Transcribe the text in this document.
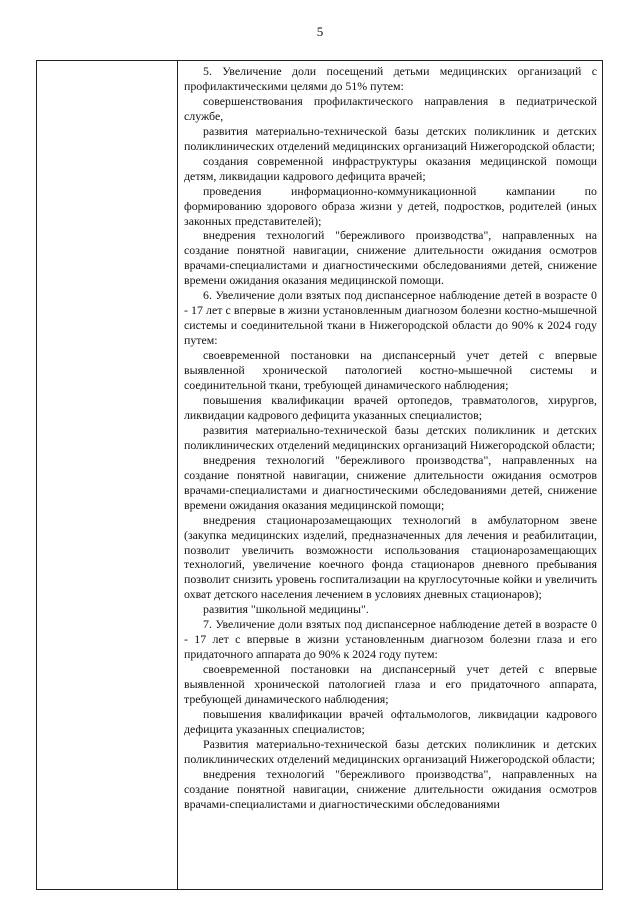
5

5. Увеличение доли посещений детьми медицинских организаций с профилактическими целями до 51% путем:

совершенствования профилактического направления в педиатрической службе,

развития материально-технической базы детских поликлиник и детских поликлинических отделений медицинских организаций Нижегородской области;

создания современной инфраструктуры оказания медицинской помощи детям, ликвидации кадрового дефицита врачей;

проведения информационно-коммуникационной кампании по формированию здорового образа жизни у детей, подростков, родителей (иных законных представителей);

внедрения технологий "бережливого производства", направленных на создание понятной навигации, снижение длительности ожидания осмотров врачами-специалистами и диагностическими обследованиями детей, снижение времени ожидания оказания медицинской помощи.

6. Увеличение доли взятых под диспансерное наблюдение детей в возрасте 0 - 17 лет с впервые в жизни установленным диагнозом болезни костно-мышечной системы и соединительной ткани в Нижегородской области до 90% к 2024 году путем:

своевременной постановки на диспансерный учет детей с впервые выявленной хронической патологией костно-мышечной системы и соединительной ткани, требующей динамического наблюдения;

повышения квалификации врачей ортопедов, травматологов, хирургов, ликвидации кадрового дефицита указанных специалистов;

развития материально-технической базы детских поликлиник и детских поликлинических отделений медицинских организаций Нижегородской области;

внедрения технологий "бережливого производства", направленных на создание понятной навигации, снижение длительности ожидания осмотров врачами-специалистами и диагностическими обследованиями детей, снижение времени ожидания оказания медицинской помощи;

внедрения стационарозамещающих технологий в амбулаторном звене (закупка медицинских изделий, предназначенных для лечения и реабилитации, позволит увеличить возможности использования стационарозамещающих технологий, увеличение коечного фонда стационаров дневного пребывания позволит снизить уровень госпитализации на круглосуточные койки и увеличить охват детского населения лечением в условиях дневных стационаров);

развития "школьной медицины".

7. Увеличение доли взятых под диспансерное наблюдение детей в возрасте 0 - 17 лет с впервые в жизни установленным диагнозом болезни глаза и его придаточного аппарата до 90% к 2024 году путем:

своевременной постановки на диспансерный учет детей с впервые выявленной хронической патологией глаза и его придаточного аппарата, требующей динамического наблюдения;

повышения квалификации врачей офтальмологов, ликвидации кадрового дефицита указанных специалистов;

Развития материально-технической базы детских поликлиник и детских поликлинических отделений медицинских организаций Нижегородской области;

внедрения технологий "бережливого производства", направленных на создание понятной навигации, снижение длительности ожидания осмотров врачами-специалистами и диагностическими обследованиями
